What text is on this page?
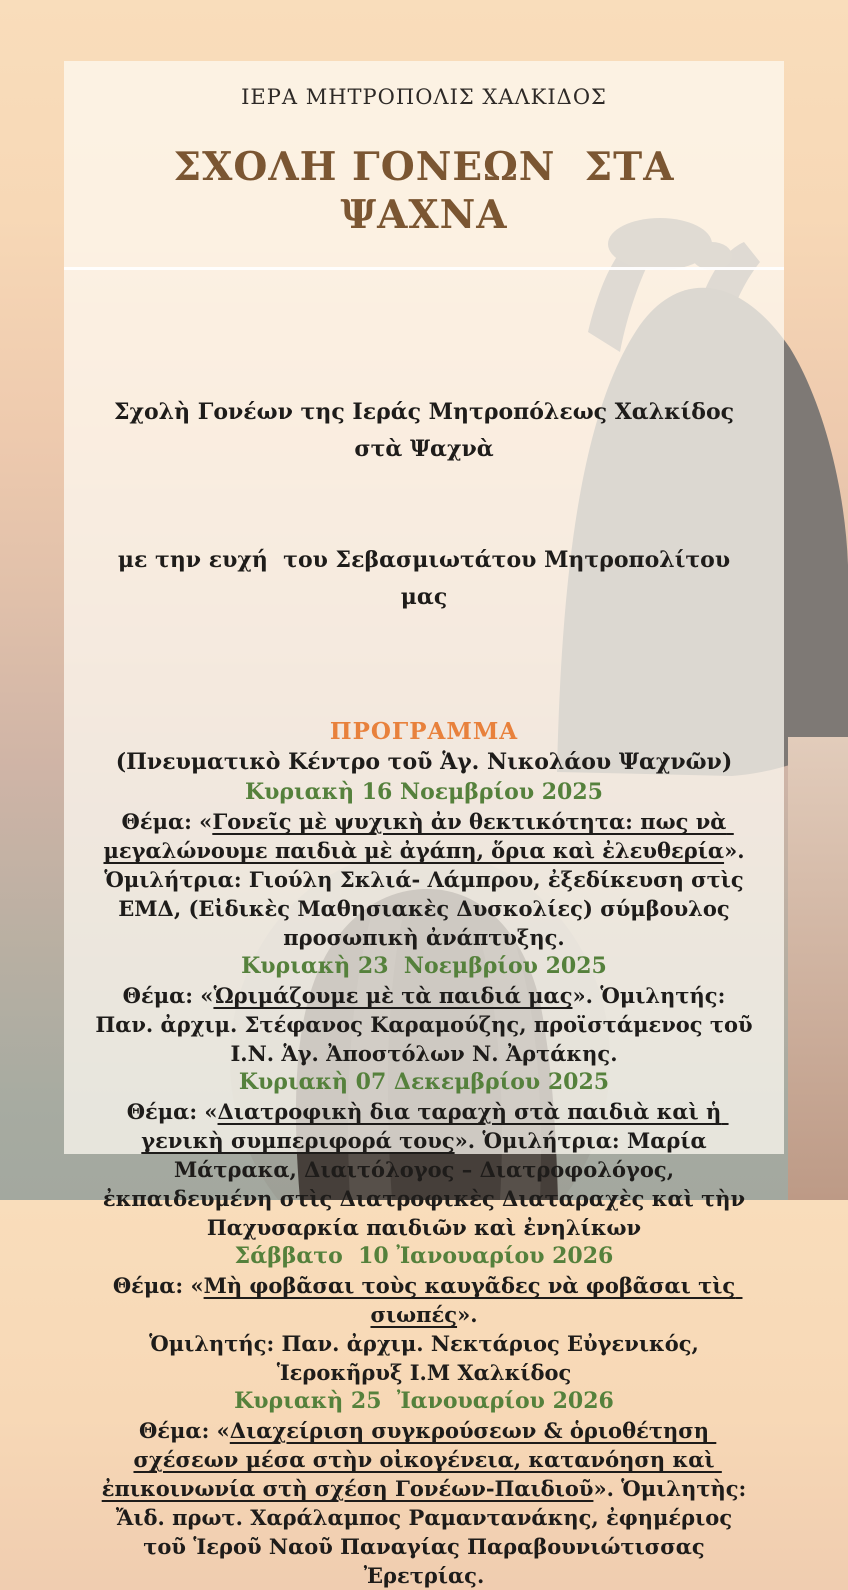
ΙΕΡΑ ΜΗΤΡΟΠΟΛΙΣ ΧΑΛΚΙΔΟΣ
ΣΧΟΛΗ ΓΟΝΕΩΝ  ΣΤΑ ΨΑΧΝΑ

Σχολὴ Γονέων της Ιεράς Μητροπόλεως Χαλκίδος  στὰ Ψαχνὰ

με την ευχή  του Σεβασμιωτάτου Μητροπολίτου μας

ΠΡΟΓΡΑΜΜΑ
(Πνευματικὸ Κέντρο τοῦ Ἁγ. Νικολάου Ψαχνῶν)
Κυριακὴ 16 Νοεμβρίου 2025
Θέμα: «Γονεῖς μὲ ψυχικὴ ἀν θεκτικότητα: πως νὰ μεγαλώνουμε παιδιὰ μὲ ἀγάπη, ὅρια καὶ ἐλευθερία».
Ὁμιλήτρια: Γιούλη Σκλιά- Λάμπρου, ἐξεδίκευση στὶς ΕΜΔ, (Εἰδικὲς Μαθησιακὲς Δυσκολίες) σύμβουλος προσωπικὴ ἀνάπτυξης.
Κυριακὴ 23  Νοεμβρίου 2025
Θέμα: «Ὡριμάζουμε μὲ τὰ παιδιά μας». Ὁμιλητής: Παν. ἀρχιμ. Στέφανος Καραμούζης, προϊστάμενος τοῦ Ι.Ν. Ἁγ. Ἀποστόλων Ν. Ἀρτάκης.
Κυριακὴ 07 Δεκεμβρίου 2025
Θέμα: «Διατροφικὴ δια ταραχὴ στὰ παιδιὰ καὶ ἡ γενικὴ συμπεριφορά τους». Ὁμιλήτρια: Μαρία Μάτρακα, Διαιτόλογος – Διατροφολόγος,  ἐκπαιδευμένη στὶς Διατροφικὲς Διαταραχὲς καὶ τὴν Παχυσαρκία παιδιῶν καὶ ἐνηλίκων
Σάββατο  10 Ἰανουαρίου 2026
Θέμα: «Μὴ φοβᾶσαι τοὺς καυγᾶδες νὰ φοβᾶσαι τὶς σιωπές».
Ὁμιλητής: Παν. ἀρχιμ. Νεκτάριος Εὐγενικός, Ἱεροκῆρυξ Ι.Μ Χαλκίδος
Κυριακὴ 25  Ἰανουαρίου 2026
Θέμα: «Διαχείριση συγκρούσεων & ὁριοθέτηση σχέσεων μέσα στὴν οἰκογένεια, κατανόηση καὶ ἐπικοινωνία στὴ σχέση Γονέων-Παιδιοῦ». Ὁμιλητὴς: Ἄιδ. πρωτ. Χαράλαμπος Ραμαντανάκης, ἐφημέριος τοῦ Ἱεροῦ Ναοῦ Παναγίας Παραβουνιώτισσας Ἐρετρίας.
